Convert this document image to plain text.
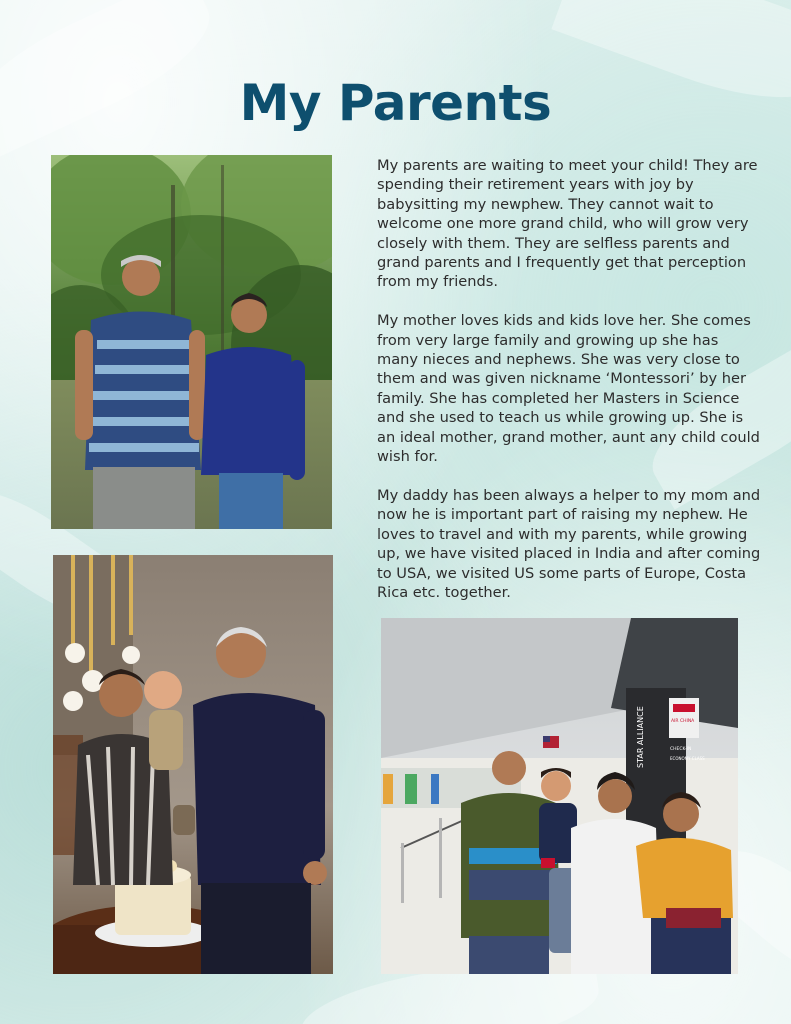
My Parents

My parents are waiting to meet your child! They are spending their retirement years with joy by babysitting my newphew. They cannot wait to welcome one more grand child, who will grow very closely with them. They are selfless parents and grand parents and I frequently get that perception from my friends.

My mother loves kids and kids love her. She comes from very large family and growing up she has many nieces and nephews. She was very close to them and was given nickname ‘Montessori’ by her family. She has completed her Masters in Science and she used to teach us while growing up. She is an ideal mother, grand mother, aunt any child could wish for.

My daddy has been always a helper to my mom and now he is important part of raising my nephew. He loves to travel and with my parents, while growing up, we have visited placed in India and after coming to USA, we visited US some parts of Europe, Costa Rica etc. together.

STAR ALLIANCE	AIR CHINA
CHECK-IN
ECONOMY CLASS
